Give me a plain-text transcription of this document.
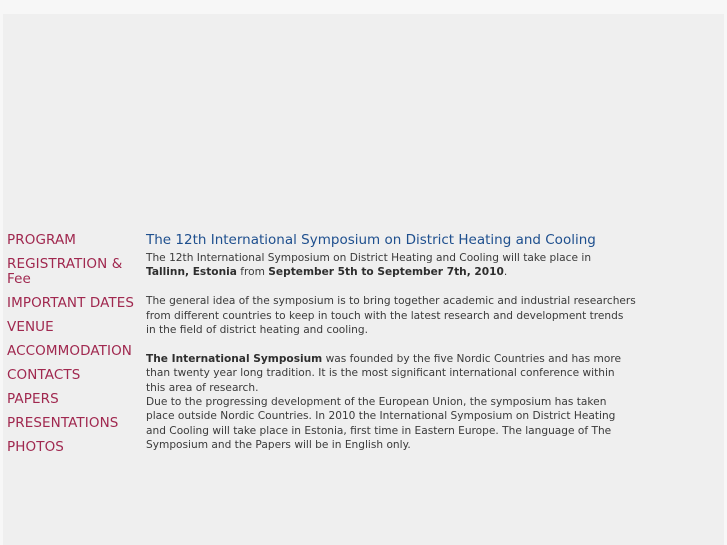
PROGRAM
REGISTRATION & Fee
IMPORTANT DATES
VENUE
ACCOMMODATION
CONTACTS
PAPERS
PRESENTATIONS
PHOTOS
The 12th International Symposium on District Heating and Cooling

The 12th International Symposium on District Heating and Cooling will take place in
Tallinn, Estonia from September 5th to September 7th, 2010.

The general idea of the symposium is to bring together academic and industrial researchers from different countries to keep in touch with the latest research and development trends in the field of district heating and cooling.

The International Symposium was founded by the five Nordic Countries and has more than twenty year long tradition. It is the most significant international conference within this area of research.

Due to the progressing development of the European Union, the symposium has taken place outside Nordic Countries. In 2010 the International Symposium on District Heating and Cooling will take place in Estonia, first time in Eastern Europe. The language of The Symposium and the Papers will be in English only.
